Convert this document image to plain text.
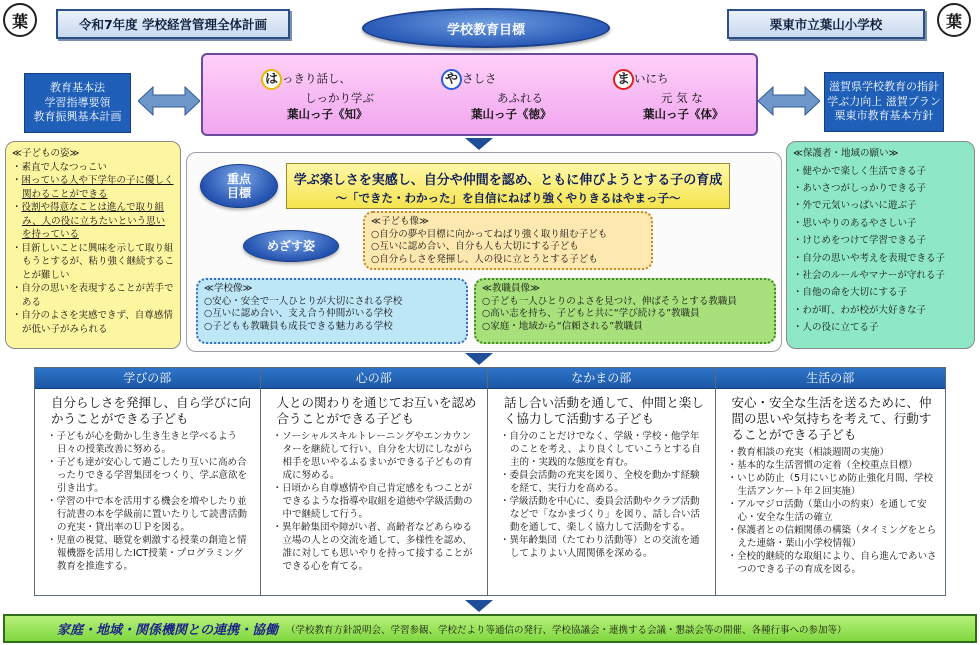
葉	令和7年度 学校経営管理全体計画	学校教育目標	栗東市立葉山小学校	葉
教育基本法
学習指導要領
教育振興基本計画
滋賀県学校教育の指針
学ぶ力向上 滋賀プラン
栗東市教育基本方針
は っきり話し、
しっかり学ぶ
葉山っ子《知》
や さしさ
あふれる
葉山っ子《徳》
ま いにち
元 気 な
葉山っ子《体》
≪子どもの姿≫
・素直で人なつっこい
・困っている人や下学年の子に優しく関わることができる
・役割や得意なことは進んで取り組み、人の役に立ちたいという思いを持っている
・目新しいことに興味を示して取り組もうとするが、粘り強く継続することが難しい
・自分の思いを表現することが苦手である
・自分のよさを実感できず、自尊感情が低い子がみられる
≪保護者・地域の願い≫
・健やかで楽しく生活できる子
・あいさつがしっかりできる子
・外で元気いっぱいに遊ぶ子
・思いやりのあるやさしい子
・けじめをつけて学習できる子
・自分の思いや考えを表現できる子
・社会のルールやマナーが守れる子
・自他の命を大切にする子
・わが町、わが校が大好きな子
・人の役に立てる子
重点
目標
学ぶ楽しさを実感し、自分や仲間を認め、ともに伸びようとする子の育成
～「できた・わかった」を自信にねばり強くやりきるはやまっ子～
めざす姿
≪子ども像≫
○自分の夢や目標に向かってねばり強く取り組む子ども
○互いに認め合い、自分も人も大切にする子ども
○自分らしさを発揮し、人の役に立とうとする子ども
≪学校像≫
○安心・安全で一人ひとりが大切にされる学校
○互いに認め合い、支え合う仲間がいる学校
○子どもも教職員も成長できる魅力ある学校
≪教職員像≫
○子ども一人ひとりのよさを見つけ、伸ばそうとする教職員
○高い志を持ち、子どもと共に“学び続ける”教職員
○家庭・地域から“信頼される”教職員
学びの部
自分らしさを発揮し、自ら学びに向かうことができる子ども
・子どもが心を動かし生き生きと学べるよう日々の授業改善に努める。
・子ども達が安心して過ごしたり互いに高め合ったりできる学習集団をつくり、学ぶ意欲を引き出す。
・学習の中で本を活用する機会を増やしたり並行読書の本を学級前に置いたりして読書活動の充実・貸出率のＵＰを図る。
・児童の視覚、聴覚を刺激する授業の創造と情報機器を活用したICT授業・プログラミング教育を推進する。
心の部
人との関わりを通じてお互いを認め合うことができる子ども
・ソーシャルスキルトレーニングやエンカウンターを継続して行い、自分を大切にしながら相手を思いやるふるまいができる子どもの育成に努める。
・日頃から自尊感情や自己肯定感をもつことができるような指導や取組を道徳や学級活動の中で継続して行う。
・異年齢集団や障がい者、高齢者などあらゆる立場の人との交流を通して、多様性を認め、誰に対しても思いやりを持って接することができる心を育てる。
なかまの部
話し合い活動を通して、仲間と楽しく協力して活動する子ども
・自分のことだけでなく、学級・学校・他学年のことを考え、より良くしていこうとする自主的・実践的な態度を育む。
・委員会活動の充実を図り、全校を動かす経験を経て、実行力を高める。
・学級活動を中心に、委員会活動やクラブ活動などで「なかまづくり」を図り、話し合い活動を通して、楽しく協力して活動をする。
・異年齢集団（たてわり活動等）との交流を通してよりよい人間関係を深める。
生活の部
安心・安全な生活を送るために、仲間の思いや気持ちを考えて、行動することができる子ども
・教育相談の充実（相談週間の実施）
・基本的な生活習慣の定着（全校重点目標）
・いじめ防止（5月にいじめ防止強化月間、学校生活アンケート年２回実施）
・アルマジロ活動（葉山小の約束）を通して安心・安全な生活の確立
・保護者との信頼関係の構築（タイミングをとらえた連絡・葉山小学校情報）
・全校的継続的な取組により、自ら進んであいさつのできる子の育成を図る。
家庭・地域・関係機関との連携・協働 （学校教育方針説明会、学習参観、学校だより等通信の発行、学校協議会・連携する会議・懇談会等の開催、各種行事への参加等）
